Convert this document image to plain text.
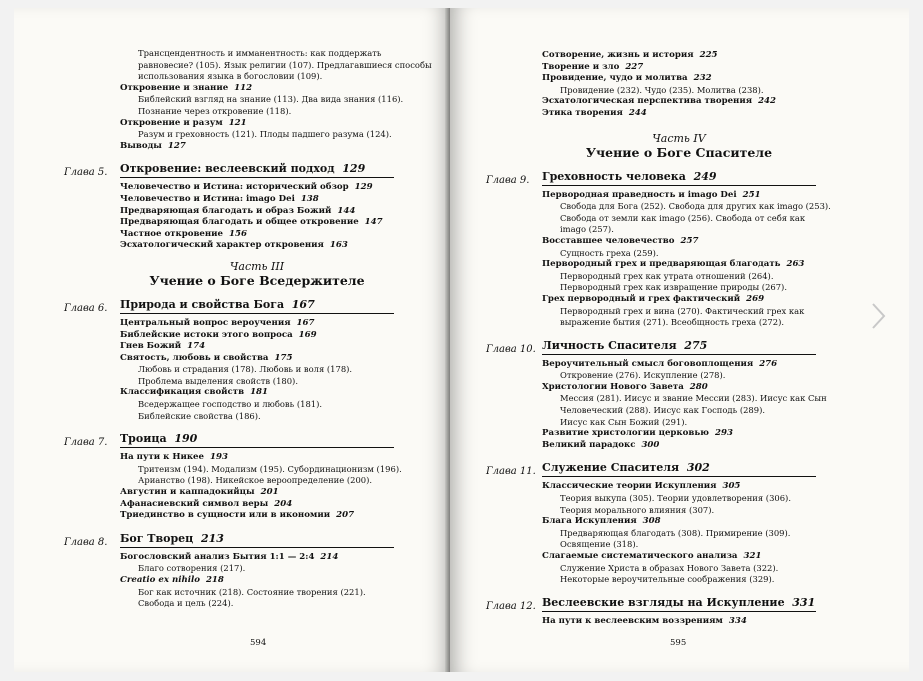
Трансцендентность и имманентность: как поддержать
равновесие? (105). Язык религии (107). Предлагавшиеся способы
использования языка в богословии (109).
Откровение и знание 112
Библейский взгляд на знание (113). Два вида знания (116).
Познание через откровение (118).
Откровение и разум 121
Разум и греховность (121). Плоды падшего разума (124).
Выводы 127
Глава 5.	Откровение: веслеевский подход 129
Человечество и Истина: исторический обзор 129
Человечество и Истина: imago Dei 138
Предваряющая благодать и образ Божий 144
Предваряющая благодать и общее откровение 147
Частное откровение 156
Эсхатологический характер откровения 163
Часть III
Учение о Боге Вседержителе
Глава 6.	Природа и свойства Бога 167
Центральный вопрос вероучения 167
Библейские истоки этого вопроса 169
Гнев Божий 174
Святость, любовь и свойства 175
Любовь и страдания (178). Любовь и воля (178).
Проблема выделения свойств (180).
Классификация свойств 181
Вседержащее господство и любовь (181).
Библейские свойства (186).
Глава 7.	Троица 190
На пути к Никее 193
Тритеизм (194). Модализм (195). Субординационизм (196).
Арианство (198). Никейское вероопределение (200).
Августин и каппадокийцы 201
Афанасиевский символ веры 204
Триединство в сущности или в икономии 207
Глава 8.	Бог Творец 213
Богословский анализ Бытия 1:1 — 2:4 214
Благо сотворения (217).
Creatio ex nihilo 218
Бог как источник (218). Состояние творения (221).
Свобода и цель (224).
594
Сотворение, жизнь и история 225
Творение и зло 227
Провидение, чудо и молитва 232
Провидение (232). Чудо (235). Молитва (238).
Эсхатологическая перспектива творения 242
Этика творения 244
Часть IV
Учение о Боге Спасителе
Глава 9.	Греховность человека 249
Первородная праведность и imago Dei 251
Свобода для Бога (252). Свобода для других как imago (253).
Свобода от земли как imago (256). Свобода от себя как
imago (257).
Восставшее человечество 257
Сущность греха (259).
Первородный грех и предваряющая благодать 263
Первородный грех как утрата отношений (264).
Первородный грех как извращение природы (267).
Грех первородный и грех фактический 269
Первородный грех и вина (270). Фактический грех как
выражение бытия (271). Всеобщность греха (272).
Глава 10. Личность Спасителя 275
Вероучительный смысл боговоплощения 276
Откровение (276). Искупление (278).
Христологии Нового Завета 280
Мессия (281). Иисус и звание Мессии (283). Иисус как Сын
Человеческий (288). Иисус как Господь (289).
Иисус как Сын Божий (291).
Развитие христологии церковью 293
Великий парадокс 300
Глава 11. Служение Спасителя 302
Классические теории Искупления 305
Теория выкупа (305). Теории удовлетворения (306).
Теория морального влияния (307).
Блага Искупления 308
Предваряющая благодать (308). Примирение (309).
Освящение (318).
Слагаемые систематического анализа 321
Служение Христа в образах Нового Завета (322).
Некоторые вероучительные соображения (329).
Глава 12. Веслеевские взгляды на Искупление 331
На пути к веслеевским воззрениям 334
595
